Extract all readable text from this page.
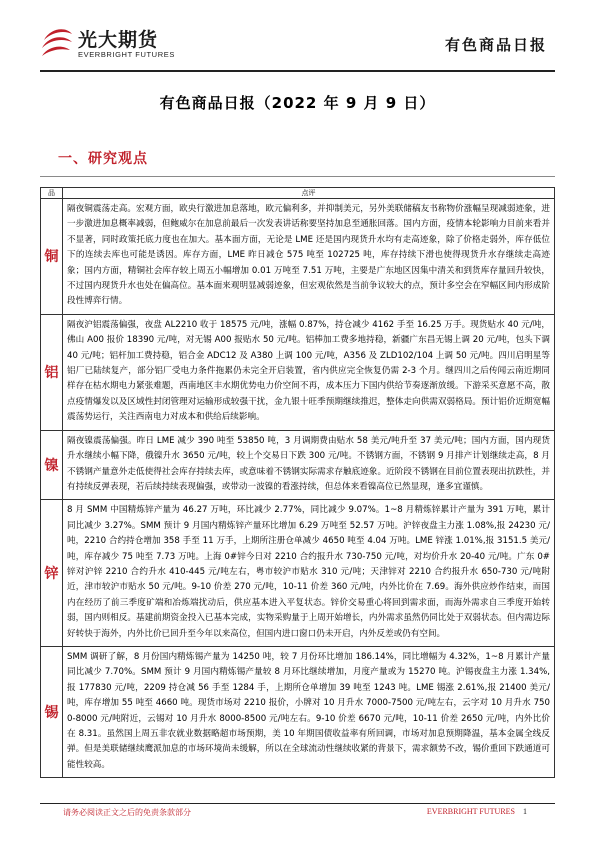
光大期货
EVERBRIGHT FUTURES
有色商品日报
有色商品日报（2022 年 9 月 9 日）
一、研究观点
品	点评
铜	隔夜铜震荡走高。宏观方面，欧央行激进加息落地，欧元偏利多，并抑制美元，另外美联储稿友书称物价涨幅呈现减弱迹象，进一步激进加息概率减弱，但鲍威尔在加息前最后一次发表讲话称要坚持加息至通胀回落。国内方面，疫情本轮影响力目前来看并不显著，同时政策托底力度也在加大。基本面方面，无论是 LME 还是国内现货升水均有走高迹象，除了价格走弱外，库存低位下的连续去库也可能是诱因。库存方面，LME 昨日减仓 575 吨至 102725 吨，库存持续下滑也使得现货升水存继续走高迹象；国内方面，精铜社会库存较上周五小幅增加 0.01 万吨至 7.51 万吨，主要是广东地区因集中清关和到货库存量回升较快，不过国内现货升水也处在偏高位。基本面来观明显减弱迹象，但宏观依然是当前争议较大的点，预计多空会在窄幅区间内形成阶段性博弈行情。
铝	隔夜沪铝震荡偏强，夜盘 AL2210 收于 18575 元/吨，涨幅 0.87%，持仓减少 4162 手至 16.25 万手。现货贴水 40 元/吨，佛山 A00 报价 18390 元/吨，对无锡 A00 报贴水 50 元/吨。铝棒加工费多地持稳，新疆广东昌无锡上调 20 元/吨，包头下调 40 元/吨；铝杆加工费持稳，铝合金 ADC12 及 A380 上调 100 元/吨，A356 及 ZLD102/104 上调 50 元/吨。四川启明星等铝厂已陆续复产，部分铝厂受电力条件拖累仍未完全开启装置，省内供应完全恢复仍需 2-3 个月。继四川之后传闻云南近期同样存在枯水期电力紧张难题，西南地区丰水期优势电力价空间不再，成本压力下国内供给节奏逐渐放缓。下游采买意愿不高，散点疫情爆发以及区域性封闭管理对运输形成较强干扰，金九银十旺季预期继续推迟，整体走向供需双弱格局。预计铝价近期宽幅震荡势运行，关注西南电力对成本和供给后续影响。
镍	隔夜镍震荡偏强。昨日 LME 减少 390 吨至 53850 吨，3 月调期费由贴水 58 美元/吨升至 37 美元/吨；国内方面，国内现货升水继续小幅下降，俄镍升水 3650 元/吨，较上个交易日下跌 300 元/吨。不锈钢方面，不锈钢 9 月排产计划继续走高，8 月不锈钢产量意外走低使得社会库存持续去库，或意味着不锈钢实际需求存触底迹象。近阶段不锈钢在目前位置表现出抗跌性，并有持续反弹表现，若后续持续表现偏强，或带动一波镍的看涨持续，但总体来看镍高位已然显现，逢多宜谨慎。
锌	8 月 SMM 中国精炼锌产量为 46.27 万吨，环比减少 2.77%，同比减少 9.07%。1~8 月精炼锌累计产量为 391 万吨，累计同比减少 3.27%。SMM 预计 9 月国内精炼锌产量环比增加 6.29 万吨至 52.57 万吨。沪锌夜盘主力涨 1.08%,报 24230 元/吨，2210 合约持仓增加 358 手至 11 万手，上期所注册仓单减少 4650 吨至 4.04 万吨。LME 锌涨 1.01%,报 3151.5 美元/吨，库存减少 75 吨至 7.73 万吨。上海 0#锌今日对 2210 合约报升水 730-750 元/吨，对均价升水 20-40 元/吨。广东 0#锌对沪锌 2210 合约升水 410-445 元/吨左右，粤市较沪市贴水 310 元/吨；天津锌对 2210 合约报升水 650-730 元/吨附近，津市较沪市贴水 50 元/吨。9-10 价差 270 元/吨，10-11 价差 360 元/吨，内外比价在 7.69。海外供应炒作结束，而国内在经历了前三季度矿端和冶炼端扰动后，供应基本进入平复状态。锌价交易重心将回到需求面，而海外需求自三季度开始转弱，国内则相反。基建前期资金投入已基本完成，实物采购量于上周开始增长，内外需求虽然仍同比处于双弱状态。但内需边际好转快于海外，内外比价已回升至今年以来高位，但国内进口窗口仍未开启，内外反差或仍有空间。
锡	SMM 调研了解，8 月份国内精炼锡产量为 14250 吨，较 7 月份环比增加 186.14%，同比增幅为 4.32%，1~8 月累计产量同比减少 7.70%。SMM 预计 9 月国内精炼锡产量较 8 月环比继续增加，月度产量或为 15270 吨。沪锡夜盘主力涨 1.34%,报 177830 元/吨，2209 持仓减 56 手至 1284 手，上期所仓单增加 39 吨至 1243 吨。LME 锡涨 2.61%,报 21400 美元/吨，库存增加 55 吨至 4660 吨。现货市场对 2210 报价，小牌对 10 月升水 7000-7500 元/吨左右，云字对 10 月升水 7500-8000 元/吨附近，云锡对 10 月升水 8000-8500 元/吨左右。9-10 价差 6670 元/吨，10-11 价差 2650 元/吨，内外比价在 8.31。虽然国上周五非农就业数据略超市场预期，美 10 年期国债收益率有所回调，市场对加息预期降温，基本金属全线反弹。但是美联储继续鹰派加息的市场环境尚未缓解，所以在全球流动性继续收紧的背景下，需求额势不改，锡价重回下跌通道可能性较高。
请务必阅读正文之后的免责条款部分	EVERBRIGHT FUTURES 1
